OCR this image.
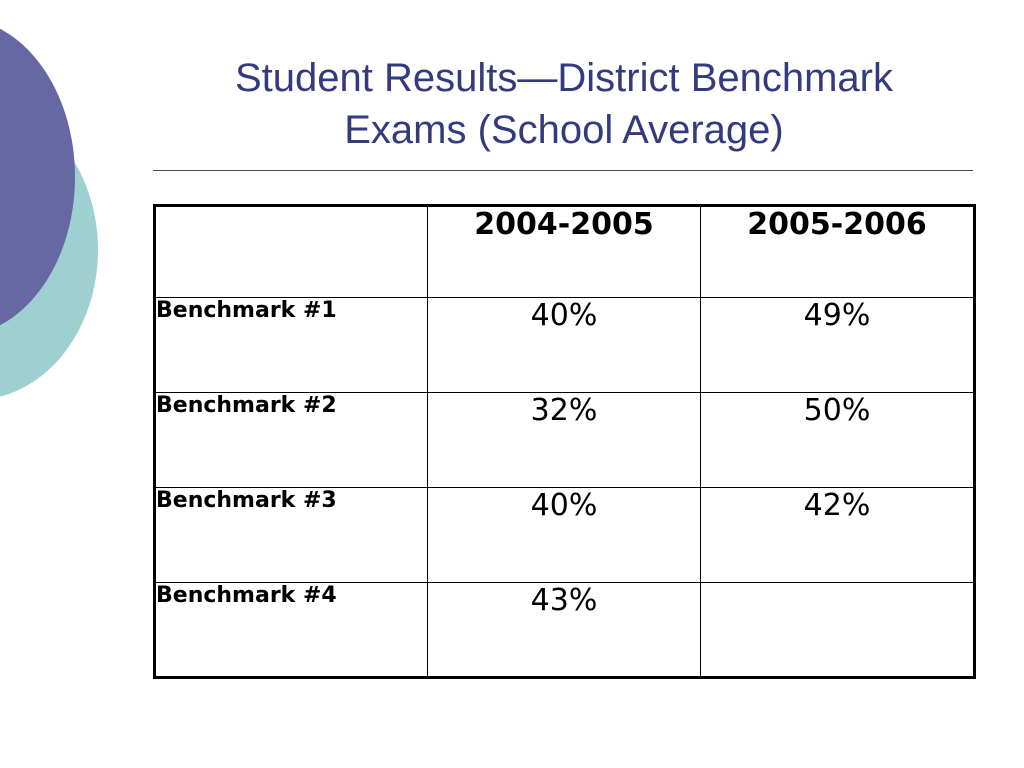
Student Results—District Benchmark
Exams (School Average)
	2004-2005	2005-2006
Benchmark #1	40%	49%
Benchmark #2	32%	50%
Benchmark #3	40%	42%
Benchmark #4	43%	
